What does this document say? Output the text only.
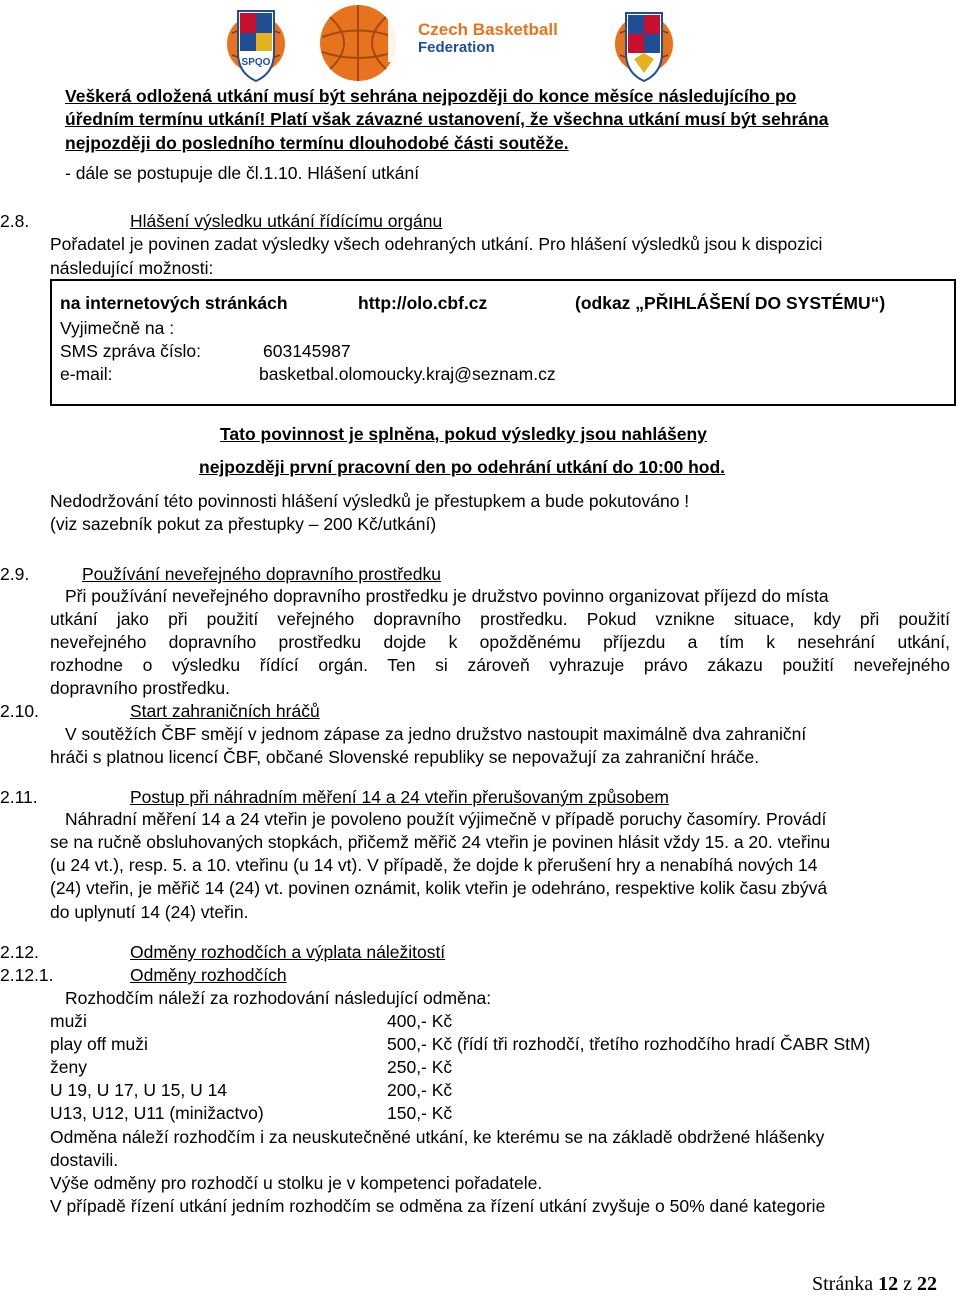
SPQO
Czech Basketball
Federation
Veškerá odložená utkání musí být sehrána nejpozději do konce měsíce následujícího po
úředním termínu utkání! Platí však závazné ustanovení, že všechna utkání musí být sehrána
nejpozději do posledního termínu dlouhodobé části soutěže.
- dále se postupuje dle čl.1.10. Hlášení utkání
2.8.	Hlášení výsledku utkání řídícímu orgánu
Pořadatel je povinen zadat výsledky všech odehraných utkání. Pro hlášení výsledků jsou k dispozici
následující možnosti:
na internetových stránkách	http://olo.cbf.cz	(odkaz „PŘIHLÁŠENÍ DO SYSTÉMU“)
Vyjimečně na :
SMS zpráva číslo:	603145987
e-mail:	basketbal.olomoucky.kraj@seznam.cz
Tato povinnost je splněna, pokud výsledky jsou nahlášeny
nejpozději první pracovní den po odehrání utkání do 10:00 hod.
Nedodržování této povinnosti hlášení výsledků je přestupkem a bude pokutováno !
(viz sazebník pokut za přestupky – 200 Kč/utkání)
2.9.	Používání neveřejného dopravního prostředku
Při používání neveřejného dopravního prostředku je družstvo povinno organizovat příjezd do místa
utkání jako při použití veřejného dopravního prostředku. Pokud vznikne situace, kdy při použití
neveřejného dopravního prostředku dojde k opožděnému příjezdu a tím k nesehrání utkání,
rozhodne o výsledku řídící orgán. Ten si zároveň vyhrazuje právo zákazu použití neveřejného
dopravního prostředku.
2.10.	Start zahraničních hráčů
V soutěžích ČBF smějí v jednom zápase za jedno družstvo nastoupit maximálně dva zahraniční
hráči s platnou licencí ČBF, občané Slovenské republiky se nepovažují za zahraniční hráče.
2.11.	Postup při náhradním měření 14 a 24 vteřin přerušovaným způsobem
Náhradní měření 14 a 24 vteřin je povoleno použít výjimečně v případě poruchy časomíry. Provádí
se na ručně obsluhovaných stopkách, přičemž měřič 24 vteřin je povinen hlásit vždy 15. a 20. vteřinu
(u 24 vt.), resp. 5. a 10. vteřinu (u 14 vt). V případě, že dojde k přerušení hry a nenabíhá nových 14
(24) vteřin, je měřič 14 (24) vt. povinen oznámit, kolik vteřin je odehráno, respektive kolik času zbývá
do uplynutí 14 (24) vteřin.
2.12.	Odměny rozhodčích a výplata náležitostí
2.12.1.	Odměny rozhodčích
Rozhodčím náleží za rozhodování následující odměna:
muži	400,- Kč
play off muži	500,- Kč (řídí tři rozhodčí, třetího rozhodčího hradí ČABR StM)
ženy	250,- Kč
U 19, U 17, U 15, U 14	200,- Kč
U13, U12, U11 (minižactvo)	150,- Kč
Odměna náleží rozhodčím i za neuskutečněné utkání, ke kterému se na základě obdržené hlášenky
dostavili.
Výše odměny pro rozhodčí u stolku je v kompetenci pořadatele.
V případě řízení utkání jedním rozhodčím se odměna za řízení utkání zvyšuje o 50% dané kategorie
Stránka 12 z 22
